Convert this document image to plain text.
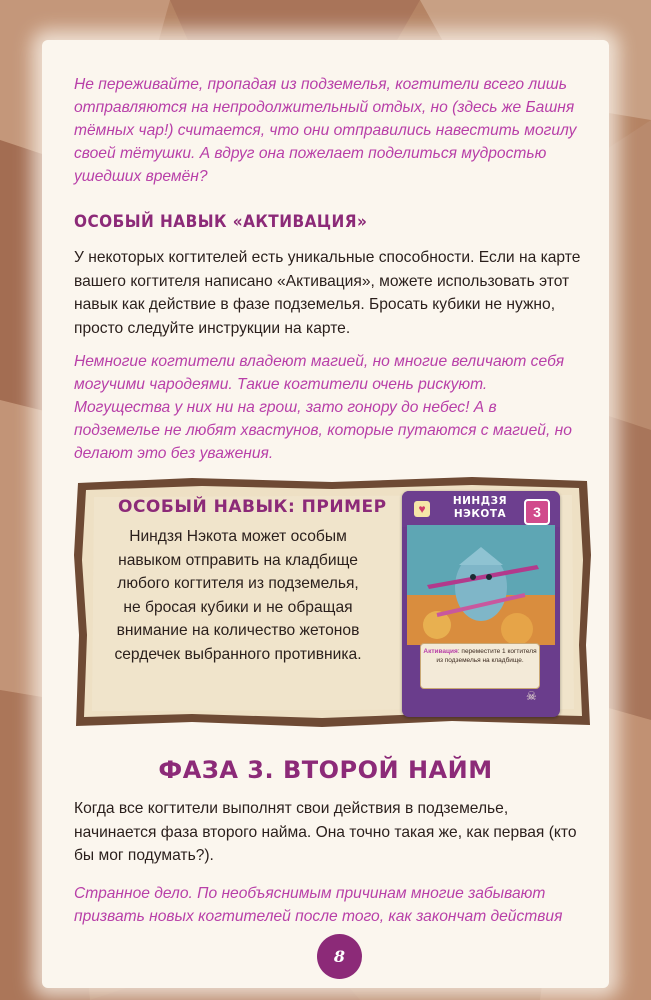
Не переживайте, пропадая из подземелья, когтители всего лишь отправляются на непродолжительный отдых, но (здесь же Башня тёмных чар!) считается, что они отправились навестить могилу своей тётушки. А вдруг она пожелает поделиться мудростью ушедших времён?

ОСОБЫЙ НАВЫК «АКТИВАЦИЯ»

У некоторых когтителей есть уникальные способности. Если на карте вашего когтителя написано «Активация», можете использовать этот навык как действие в фазе подземелья. Бросать кубики не нужно, просто следуйте инструкции на карте.

Немногие когтители владеют магией, но многие величают себя могучими чародеями. Такие когтители очень рискуют. Могущества у них ни на грош, зато гонору до небес! А в подземелье не любят хвастунов, которые путаются с магией, но делают это без уважения.

ОСОБЫЙ НАВЫК: ПРИМЕР
Ниндзя Нэкота может особым навыком отправить на кладбище любого когтителя из подземелья, не бросая кубики и не обращая внимание на количество жетонов сердечек выбранного противника.
♥
НИНДЗЯ
НЭКОТА	3
Активация: переместите 1 когтителя из подземелья на кладбище.
☠
ФАЗА 3. ВТОРОЙ НАЙМ

Когда все когтители выполнят свои действия в подземелье, начинается фаза второго найма. Она точно такая же, как первая (кто бы мог подумать?).

Странное дело. По необъяснимым причинам многие забывают призвать новых когтителей после того, как закончат действия

8
